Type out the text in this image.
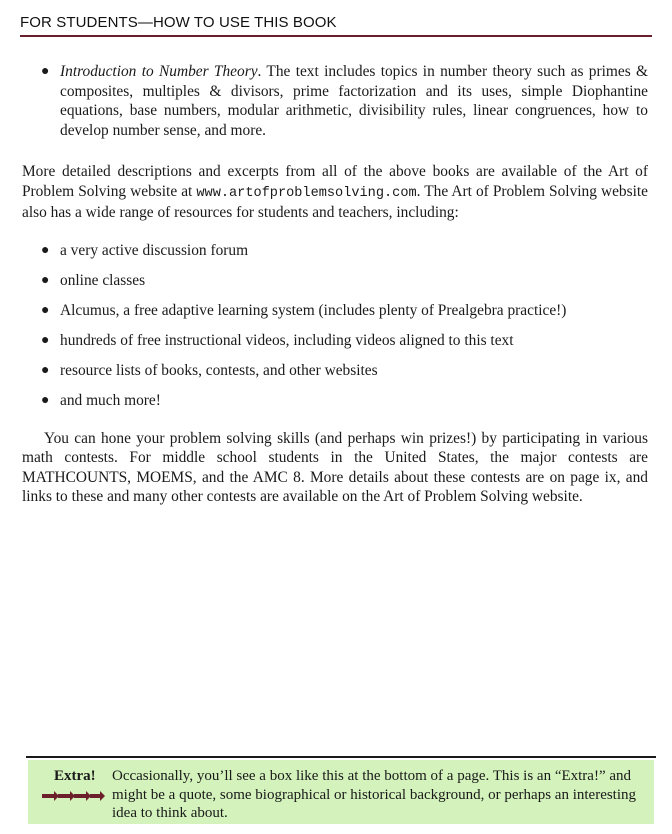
FOR STUDENTS—HOW TO USE THIS BOOK
● Introduction to Number Theory. The text includes topics in number theory such as primes & composites, multiples & divisors, prime factorization and its uses, simple Diophantine equations, base numbers, modular arithmetic, divisibility rules, linear congruences, how to develop number sense, and more.

More detailed descriptions and excerpts from all of the above books are available of the Art of Problem Solving website at www.artofproblemsolving.com. The Art of Problem Solving website also has a wide range of resources for students and teachers, including:

● a very active discussion forum
● online classes
● Alcumus, a free adaptive learning system (includes plenty of Prealgebra practice!)
● hundreds of free instructional videos, including videos aligned to this text
● resource lists of books, contests, and other websites
● and much more!

You can hone your problem solving skills (and perhaps win prizes!) by participating in various math contests. For middle school students in the United States, the major contests are MATHCOUNTS, MOEMS, and the AMC 8. More details about these contests are on page ix, and links to these and many other contests are available on the Art of Problem Solving website.

Extra! Occasionally, you’ll see a box like this at the bottom of a page. This is an “Extra!” and might be a quote, some biographical or historical background, or perhaps an interesting idea to think about.
